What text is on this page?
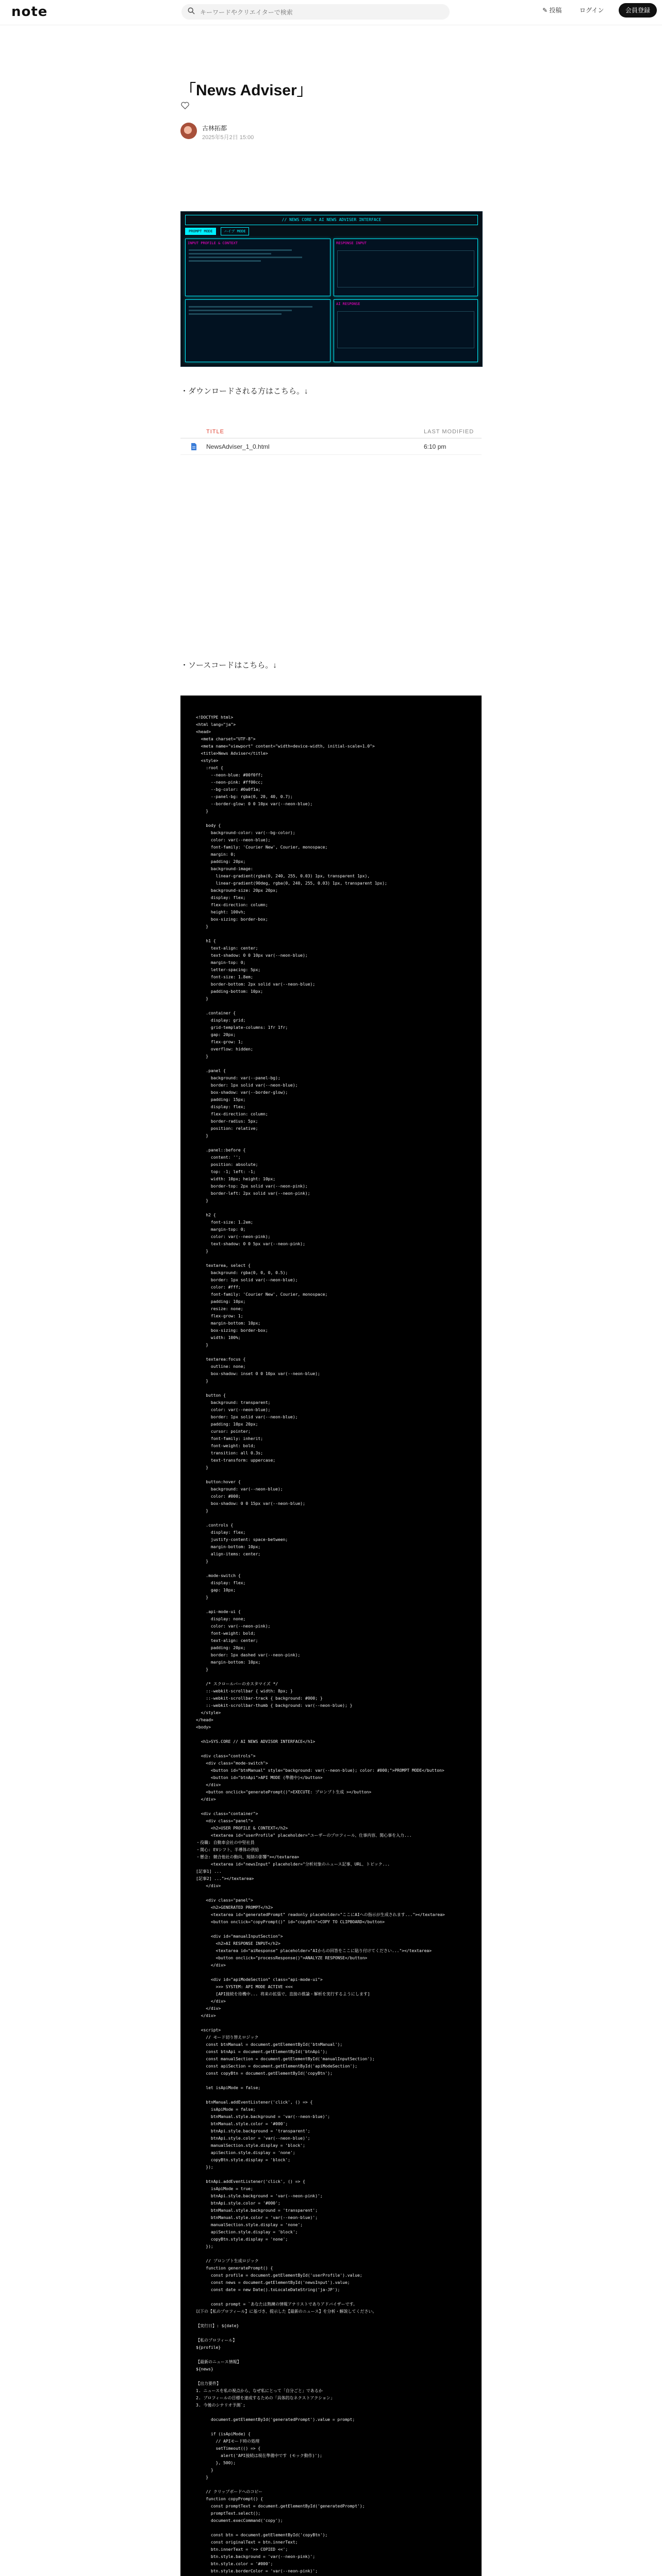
note
キーワードやクリエイターで検索	✎ 投稿	ログイン	会員登録
「News Adviser」
古林拓都
2025年5月2日 15:00
// NEWS CORE ✕ AI NEWS ADVISER INTERFACE
PROMPT MODE	ハイブ MODE
INPUT PROFILE & CONTEXT	RESPONSE INPUT
AI RESPONSE
・ダウンロードされる方はこちら。↓
TITLE	LAST MODIFIED
NewsAdviser_1_0.html	6:10 pm
・ソースコードはこちら。↓
<!DOCTYPE html>
<html lang="ja">
<head>
<meta charset="UTF-8">
<meta name="viewport" content="width=device-width, initial-scale=1.0">
<title>News Adviser</title>
<style>
:root {
--neon-blue: #00f0ff;
--neon-pink: #ff00cc;
--bg-color: #0a0f1a;
--panel-bg: rgba(0, 20, 40, 0.7);
--border-glow: 0 0 10px var(--neon-blue);
}

body {
background-color: var(--bg-color);
color: var(--neon-blue);
font-family: 'Courier New', Courier, monospace;
margin: 0;
padding: 20px;
background-image:
linear-gradient(rgba(0, 240, 255, 0.03) 1px, transparent 1px),
linear-gradient(90deg, rgba(0, 240, 255, 0.03) 1px, transparent 1px);
background-size: 20px 20px;
display: flex;
flex-direction: column;
height: 100vh;
box-sizing: border-box;
}

h1 {
text-align: center;
text-shadow: 0 0 10px var(--neon-blue);
margin-top: 0;
letter-spacing: 5px;
font-size: 1.8em;
border-bottom: 2px solid var(--neon-blue);
padding-bottom: 10px;
}

.container {
display: grid;
grid-template-columns: 1fr 1fr;
gap: 20px;
flex-grow: 1;
overflow: hidden;
}

.panel {
background: var(--panel-bg);
border: 1px solid var(--neon-blue);
box-shadow: var(--border-glow);
padding: 15px;
display: flex;
flex-direction: column;
border-radius: 5px;
position: relative;
}

.panel::before {
content: '';
position: absolute;
top: -1; left: -1;
width: 10px; height: 10px;
border-top: 2px solid var(--neon-pink);
border-left: 2px solid var(--neon-pink);
}

h2 {
font-size: 1.2em;
margin-top: 0;
color: var(--neon-pink);
text-shadow: 0 0 5px var(--neon-pink);
}

textarea, select {
background: rgba(0, 0, 0, 0.5);
border: 1px solid var(--neon-blue);
color: #fff;
font-family: 'Courier New', Courier, monospace;
padding: 10px;
resize: none;
flex-grow: 1;
margin-bottom: 10px;
box-sizing: border-box;
width: 100%;
}

textarea:focus {
outline: none;
box-shadow: inset 0 0 10px var(--neon-blue);
}

button {
background: transparent;
color: var(--neon-blue);
border: 1px solid var(--neon-blue);
padding: 10px 20px;
cursor: pointer;
font-family: inherit;
font-weight: bold;
transition: all 0.3s;
text-transform: uppercase;
}

button:hover {
background: var(--neon-blue);
color: #000;
box-shadow: 0 0 15px var(--neon-blue);
}

.controls {
display: flex;
justify-content: space-between;
margin-bottom: 10px;
align-items: center;
}

.mode-switch {
display: flex;
gap: 10px;
}

.api-mode-ui {
display: none;
color: var(--neon-pink);
font-weight: bold;
text-align: center;
padding: 20px;
border: 1px dashed var(--neon-pink);
margin-bottom: 10px;
}

/* スクロールバーのカスタマイズ */
::-webkit-scrollbar { width: 8px; }
::-webkit-scrollbar-track { background: #000; }
::-webkit-scrollbar-thumb { background: var(--neon-blue); }
</style>
</head>
<body>

<h1>SYS.CORE // AI NEWS ADVISOR INTERFACE</h1>

<div class="controls">
<div class="mode-switch">
<button id="btnManual" style="background: var(--neon-blue); color: #000;">PROMPT MODE</button>
<button id="btnApi">API MODE (準備中)</button>
</div>
<button onclick="generatePrompt()">EXECUTE: プロンプト生成 ></button>
</div>

<div class="container">
<div class="panel">
<h2>USER PROFILE & CONTEXT</h2>
<textarea id="userProfile" placeholder="ユーザーのプロフィール、仕事内容、関心事を入力...
・役職: 自動車会社の中堅社員
・関心: EVシフト、半導体の供給
・懸念: 競合他社の動向、規制の影響"></textarea>
<textarea id="newsInput" placeholder="分析対象のニュース記事、URL、トピック...
[記事1] ...
[記事2] ..."></textarea>
</div>

<div class="panel">
<h2>GENERATED PROMPT</h2>
<textarea id="generatedPrompt" readonly placeholder="ここにAIへの指示が生成されます..."></textarea>
<button onclick="copyPrompt()" id="copyBtn">COPY TO CLIPBOARD</button>

<div id="manualInputSection">
<h2>AI RESPONSE INPUT</h2>
<textarea id="aiResponse" placeholder="AIからの回答をここに貼り付けてください..."></textarea>
<button onclick="processResponse()">ANALYZE RESPONSE</button>
</div>

<div id="apiModeSection" class="api-mode-ui">
>>> SYSTEM: API MODE ACTIVE <<<
[API接続を待機中... 将来の拡張で、直接の推論・解析を実行するようにします]
</div>
</div>
</div>

<script>
// モード切り替えロジック
const btnManual = document.getElementById('btnManual');
const btnApi = document.getElementById('btnApi');
const manualSection = document.getElementById('manualInputSection');
const apiSection = document.getElementById('apiModeSection');
const copyBtn = document.getElementById('copyBtn');

let isApiMode = false;

btnManual.addEventListener('click', () => {
isApiMode = false;
btnManual.style.background = 'var(--neon-blue)';
btnManual.style.color = '#000';
btnApi.style.background = 'transparent';
btnApi.style.color = 'var(--neon-blue)';
manualSection.style.display = 'block';
apiSection.style.display = 'none';
copyBtn.style.display = 'block';
});

btnApi.addEventListener('click', () => {
isApiMode = true;
btnApi.style.background = 'var(--neon-pink)';
btnApi.style.color = '#000';
btnManual.style.background = 'transparent';
btnManual.style.color = 'var(--neon-blue)';
manualSection.style.display = 'none';
apiSection.style.display = 'block';
copyBtn.style.display = 'none';
});

// プロンプト生成ロジック
function generatePrompt() {
const profile = document.getElementById('userProfile').value;
const news = document.getElementById('newsInput').value;
const date = new Date().toLocaleDateString('ja-JP');

const prompt = `あなたは熟練の情報アナリストでありアドバイザーです。
以下の【私のプロフィール】に基づき、提示した【最新のニュース】を分析・解説してください。

【実行日】: ${date}

【私のプロフィール】
${profile}

【最新のニュース情報】
${news}

【出力要件】
1. ニュースを私の視点から、なぜ私にとって「自分ごと」であるか
2. プロフィールの目標を達成するための「具体的なネクストアクション」
3. 今後のシナリオ予測`;

document.getElementById('generatedPrompt').value = prompt;

if (isApiMode) {
// APIモード時の処理
setTimeout(() => {
alert('API接続は現在準備中です (モック動作)');
}, 500);
}
}

// クリップボードへのコピー
function copyPrompt() {
const promptText = document.getElementById('generatedPrompt');
promptText.select();
document.execCommand('copy');

const btn = document.getElementById('copyBtn');
const originalText = btn.innerText;
btn.innerText = '>> COPIED <<';
btn.style.background = 'var(--neon-pink)';
btn.style.color = '#000';
btn.style.borderColor = 'var(--neon-pink)';
